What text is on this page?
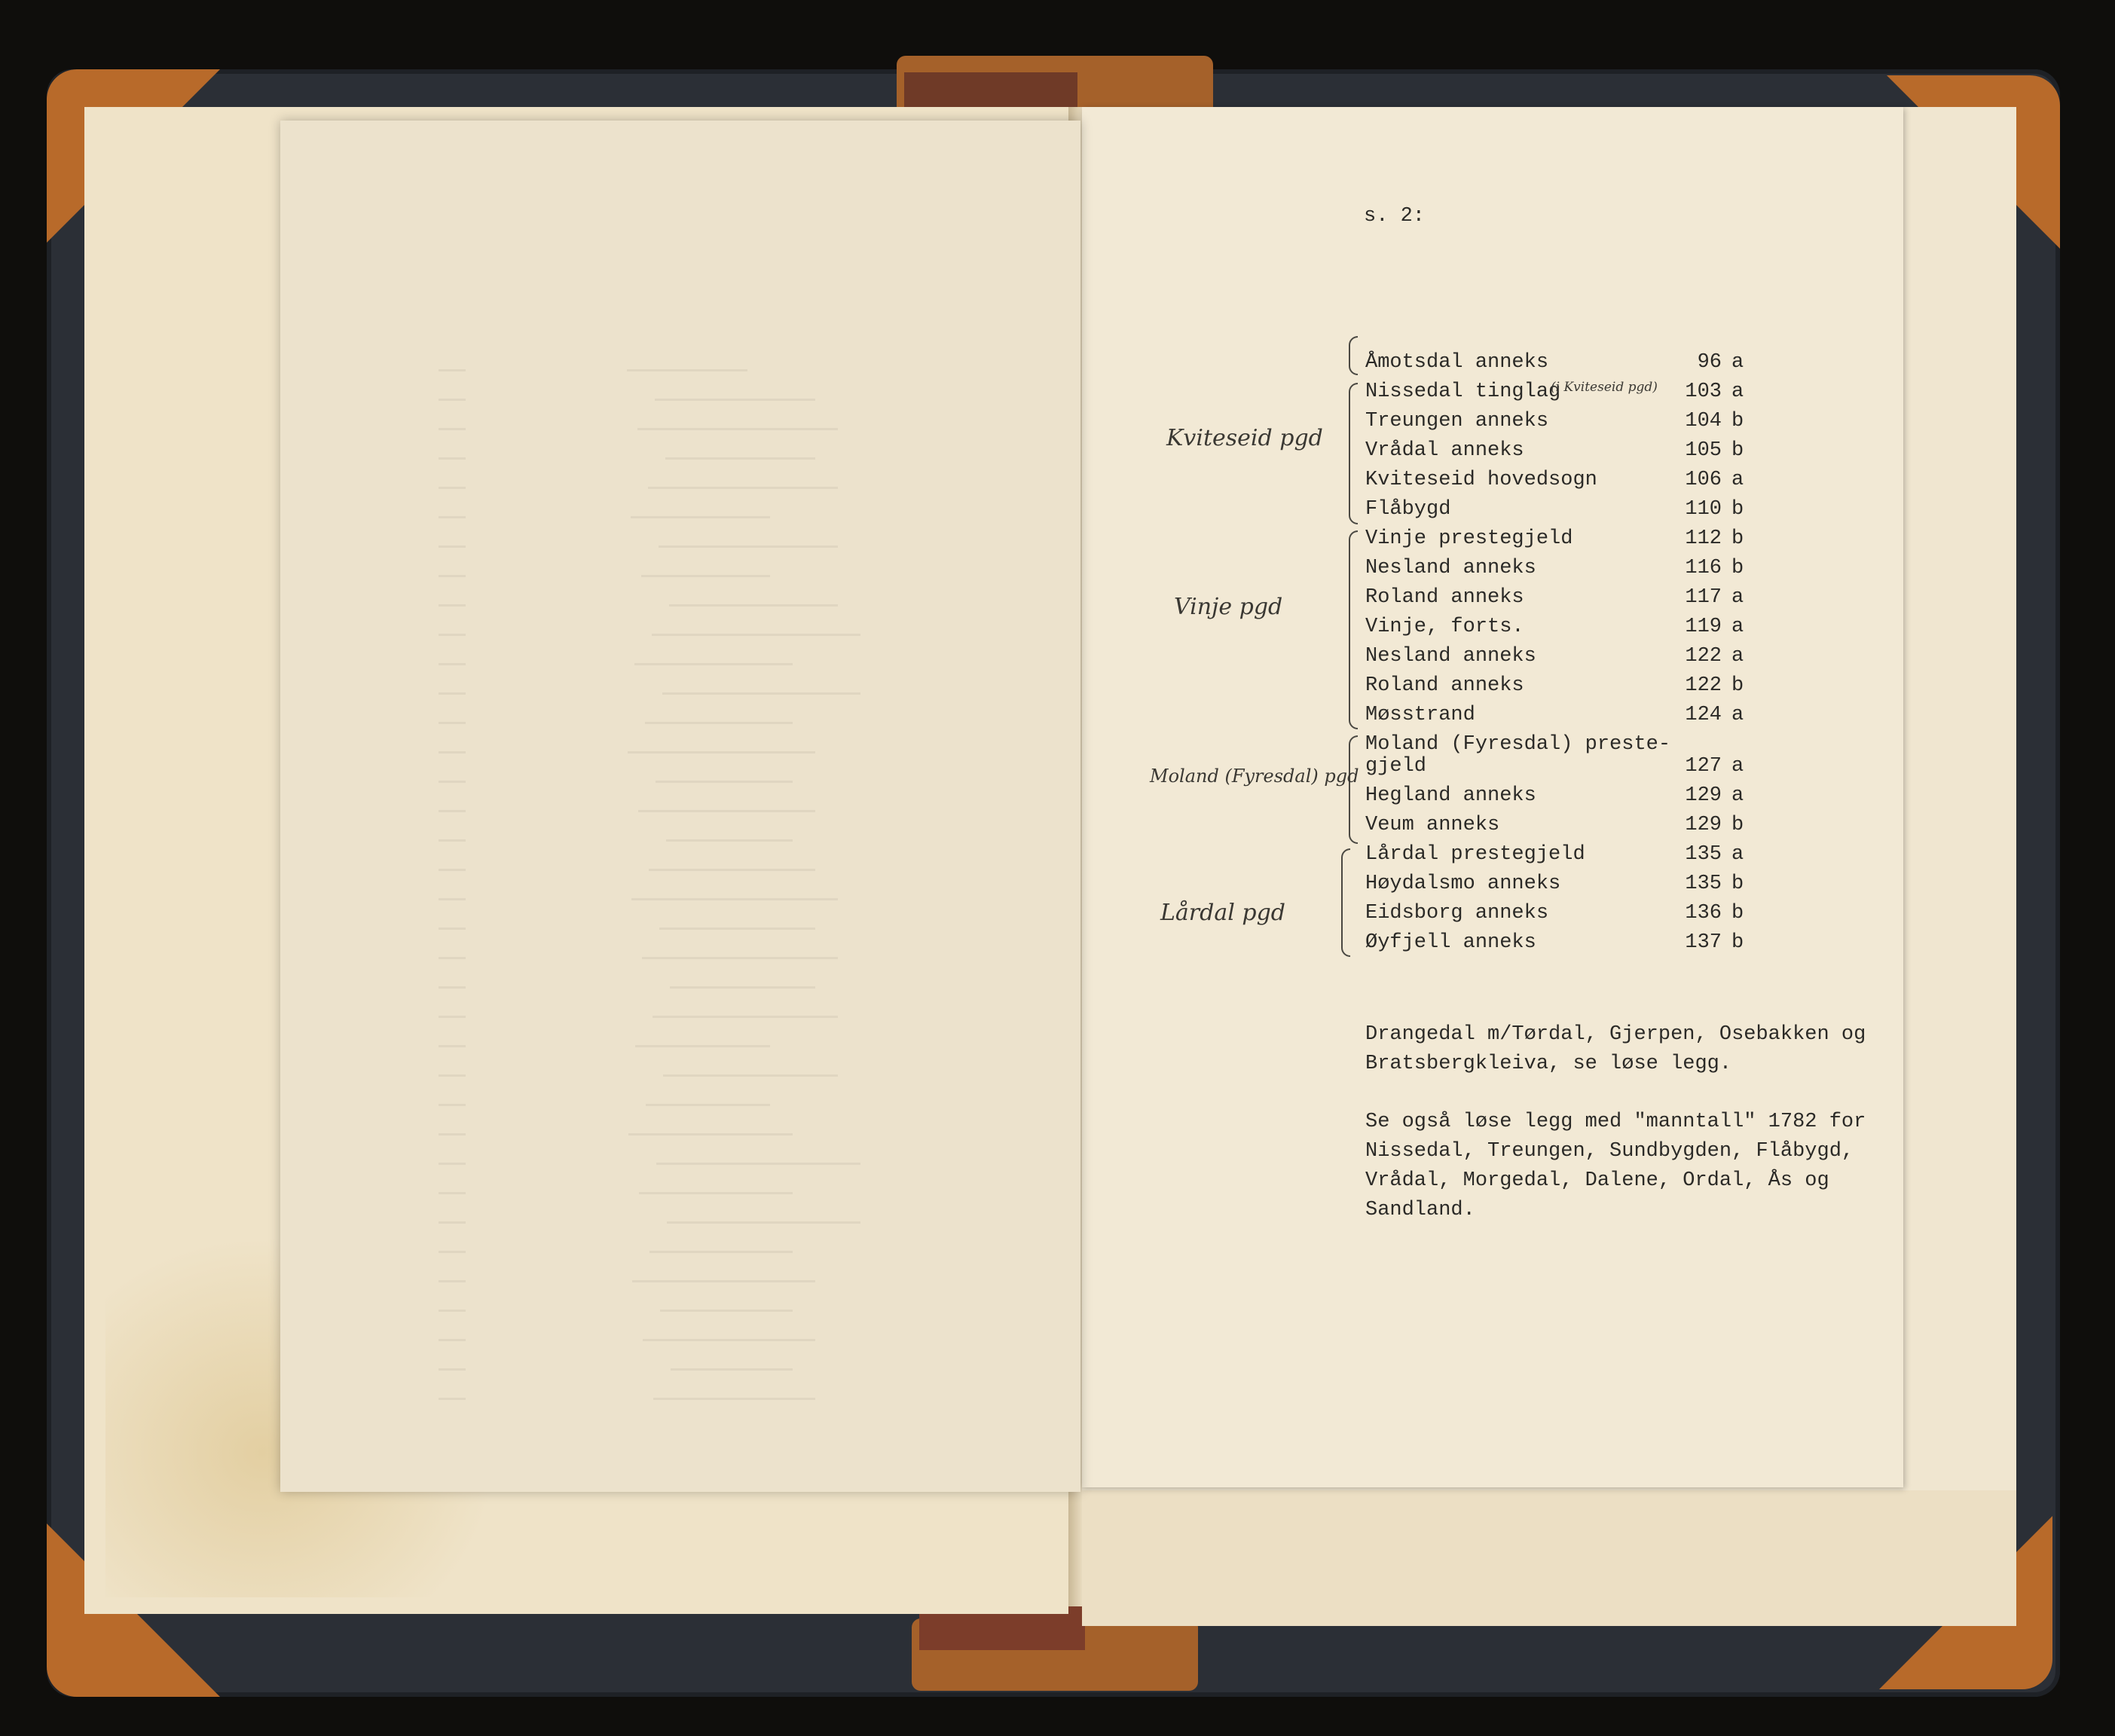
s. 2:
Åmotsdal anneks	96 a
Nissedal tinglag	103 a
Treungen anneks	104 b
Vrådal anneks	105 b
Kviteseid hovedsogn	106 a
Flåbygd	110 b
Vinje prestegjeld	112 b
Nesland anneks	116 b
Roland anneks	117 a
Vinje, forts.	119 a
Nesland anneks	122 a
Roland anneks	122 b
Møsstrand	124 a
Moland (Fyresdal) preste-
gjeld	127 a
Hegland anneks	129 a
Veum anneks	129 b
Lårdal prestegjeld	135 a
Høydalsmo anneks	135 b
Eidsborg anneks	136 b
Øyfjell anneks	137 b
(i Kviteseid pgd)
Kviteseid pgd
Vinje pgd
Moland (Fyresdal) pgd
Lårdal pgd
Drangedal m/Tørdal, Gjerpen, Osebakken og
Bratsbergkleiva, se løse legg.
Se også løse legg med "manntall" 1782 for
Nissedal, Treungen, Sundbygden, Flåbygd,
Vrådal, Morgedal, Dalene, Ordal, Ås og
Sandland.
